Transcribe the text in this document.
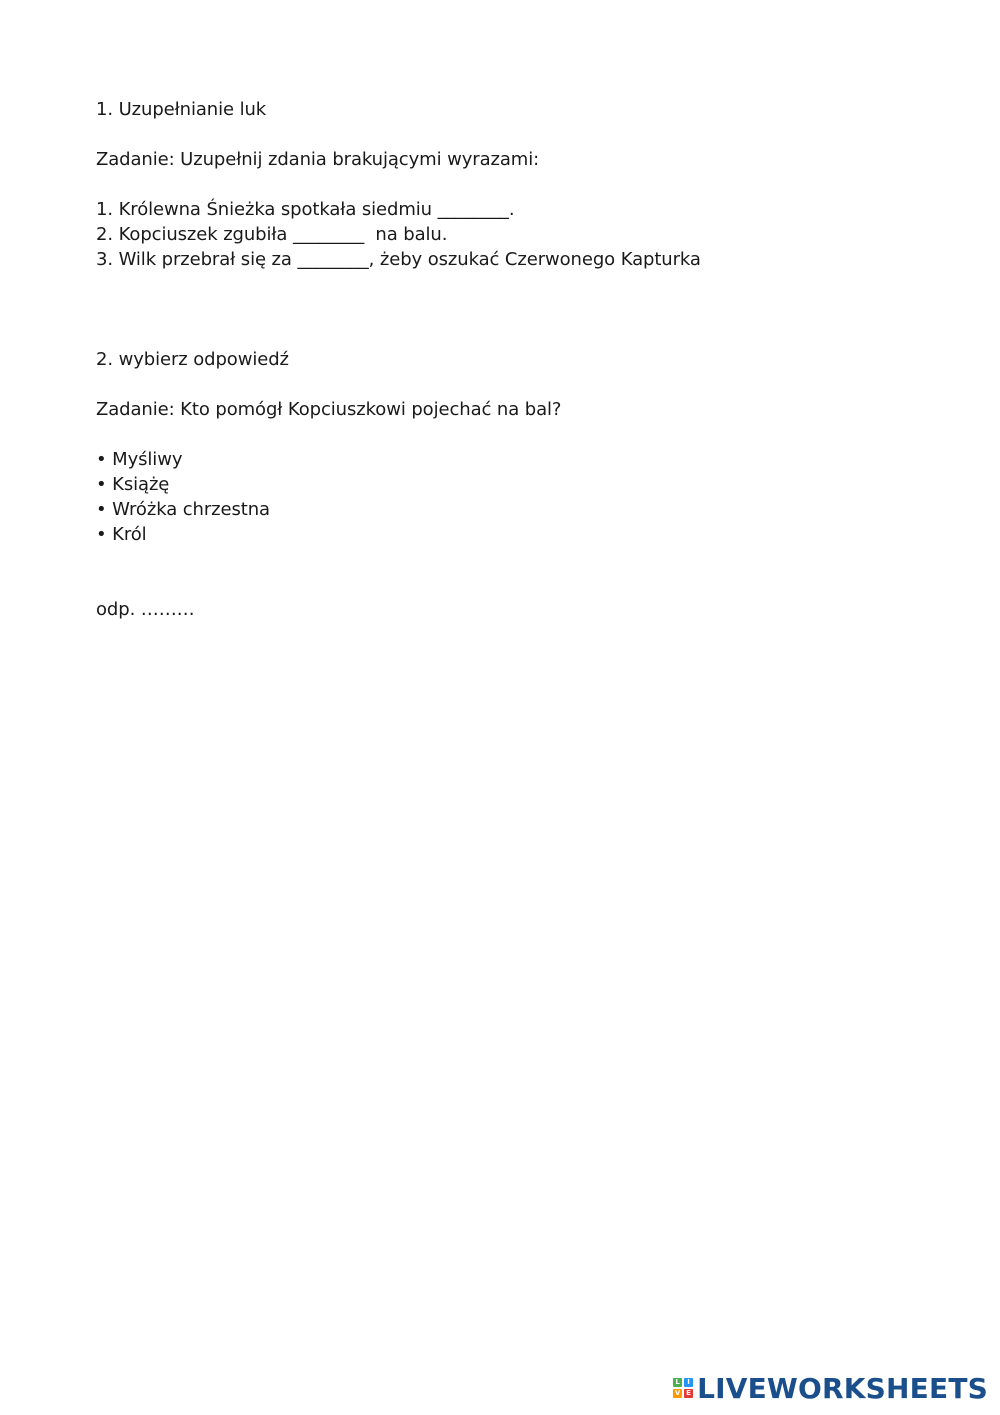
1. Uzupełnianie luk
Zadanie: Uzupełnij zdania brakującymi wyrazami:
1. Królewna Śnieżka spotkała siedmiu ________.
2. Kopciuszek zgubiła ________  na balu.
3. Wilk przebrał się za ________, żeby oszukać Czerwonego Kapturka
2. wybierz odpowiedź
Zadanie: Kto pomógł Kopciuszkowi pojechać na bal?
• Myśliwy
• Książę
• Wróżka chrzestna
• Król
odp. ………
L	I
V E LIVEWORKSHEETS
